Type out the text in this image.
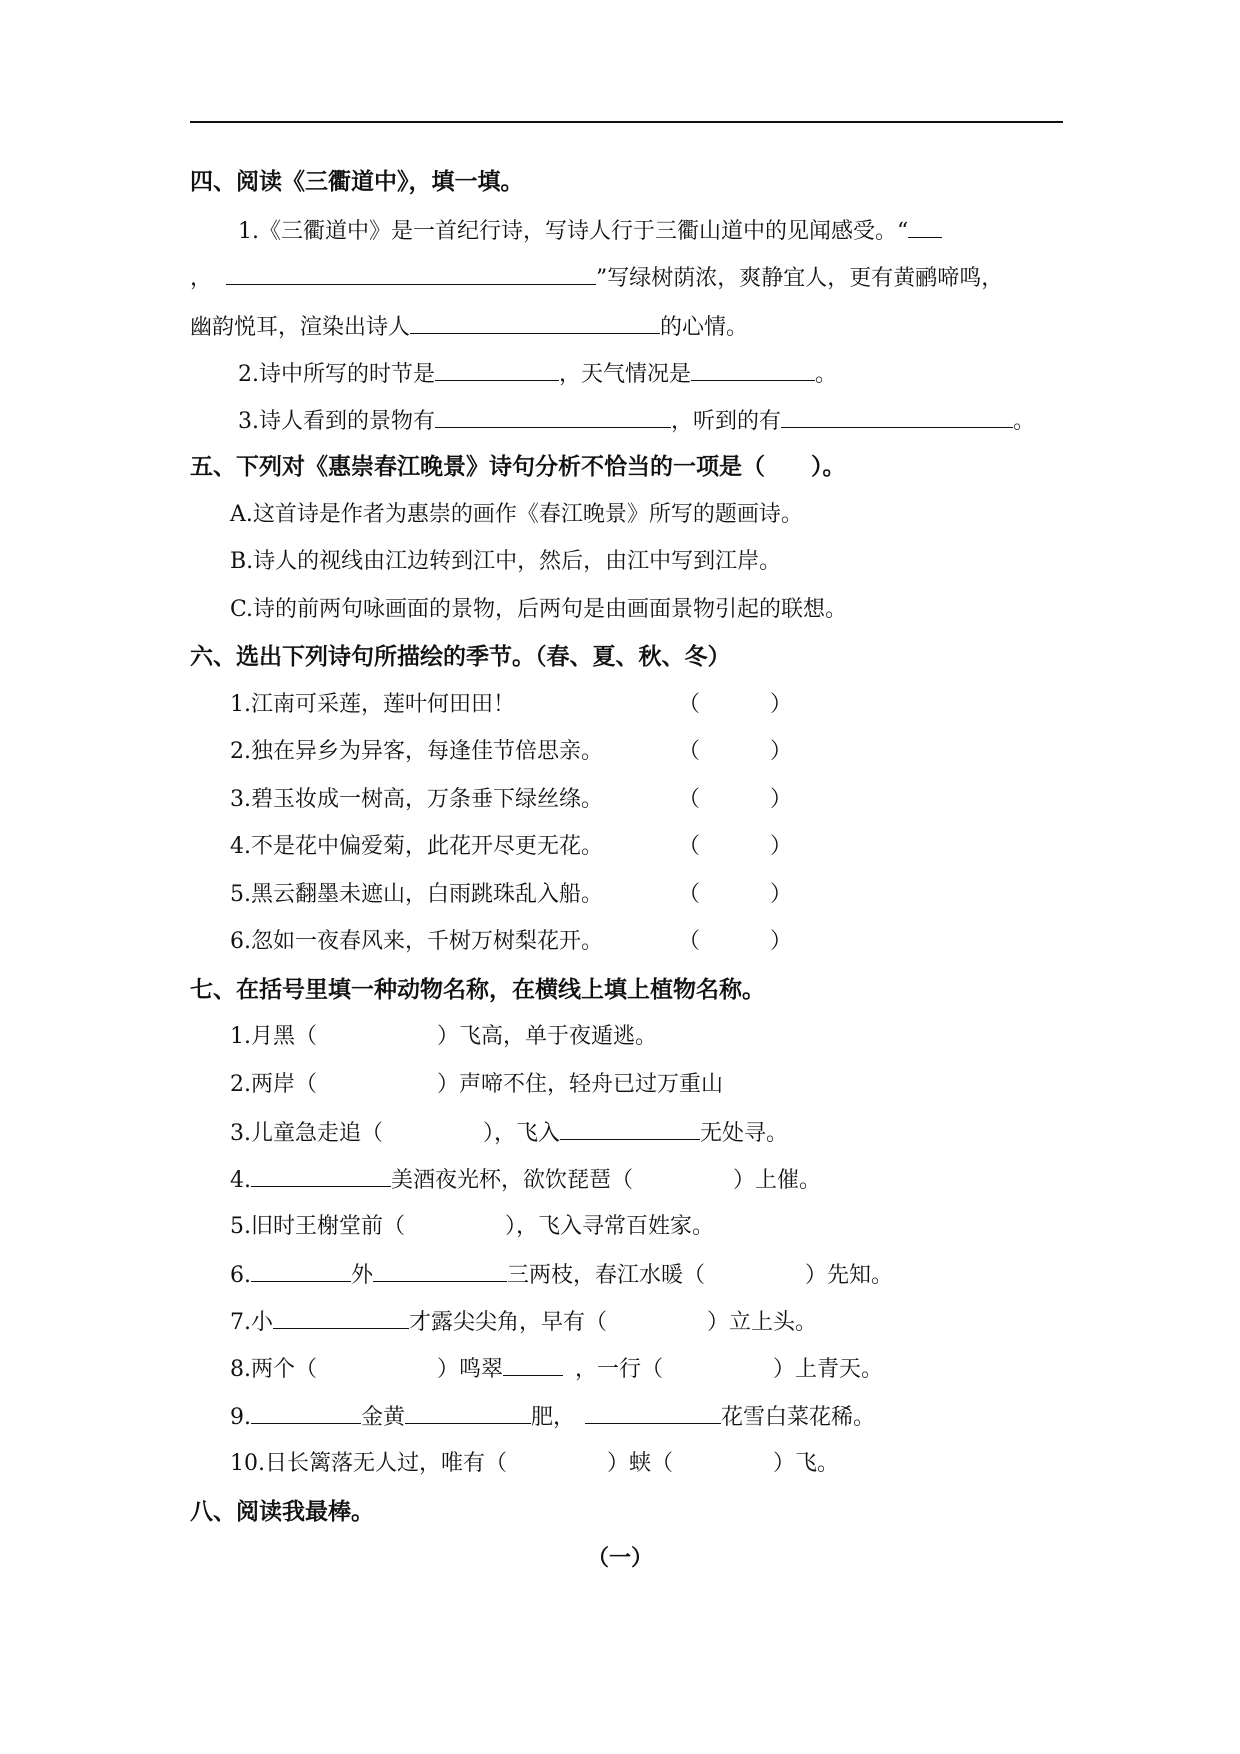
四、阅读《三衢道中》，填一填。
1.《三衢道中》是一首纪行诗，写诗人行于三衢山道中的见闻感受。“
，	”写绿树荫浓，爽静宜人，更有黄鹂啼鸣，
幽韵悦耳，渲染出诗人	的心情。
2.诗中所写的时节是	，天气情况是	。
3.诗人看到的景物有	，听到的有	。
五、下列对《惠崇春江晚景》诗句分析不恰当的一项是（　　）。
A.这首诗是作者为惠崇的画作《春江晚景》所写的题画诗。
B.诗人的视线由江边转到江中，然后，由江中写到江岸。
C.诗的前两句咏画面的景物，后两句是由画面景物引起的联想。
六、选出下列诗句所描绘的季节。（春、夏、秋、冬）
1.江南可采莲，莲叶何田田！	（	）
2.独在异乡为异客，每逢佳节倍思亲。	（	）
3.碧玉妆成一树高，万条垂下绿丝绦。	（	）
4.不是花中偏爱菊，此花开尽更无花。	（	）
5.黑云翻墨未遮山，白雨跳珠乱入船。	（	）
6.忽如一夜春风来，千树万树梨花开。	（	）
七、在括号里填一种动物名称，在横线上填上植物名称。
1.月黑（	）飞高，单于夜遁逃。
2.两岸（	）声啼不住，轻舟已过万重山
3.儿童急走追（	），飞入	无处寻。
4.	美酒夜光杯，欲饮琵琶（	）上催。
5.旧时王榭堂前（	），飞入寻常百姓家。
6.	外	三两枝，春江水暖（	）先知。
7.小	才露尖尖角，早有（	）立上头。
8.两个（	）鸣翠	，一行（	）上青天。
9.	金黄	肥，	花雪白菜花稀。
10.日长篱落无人过，唯有（	）蛱（	）飞。
八、阅读我最棒。
（一）
